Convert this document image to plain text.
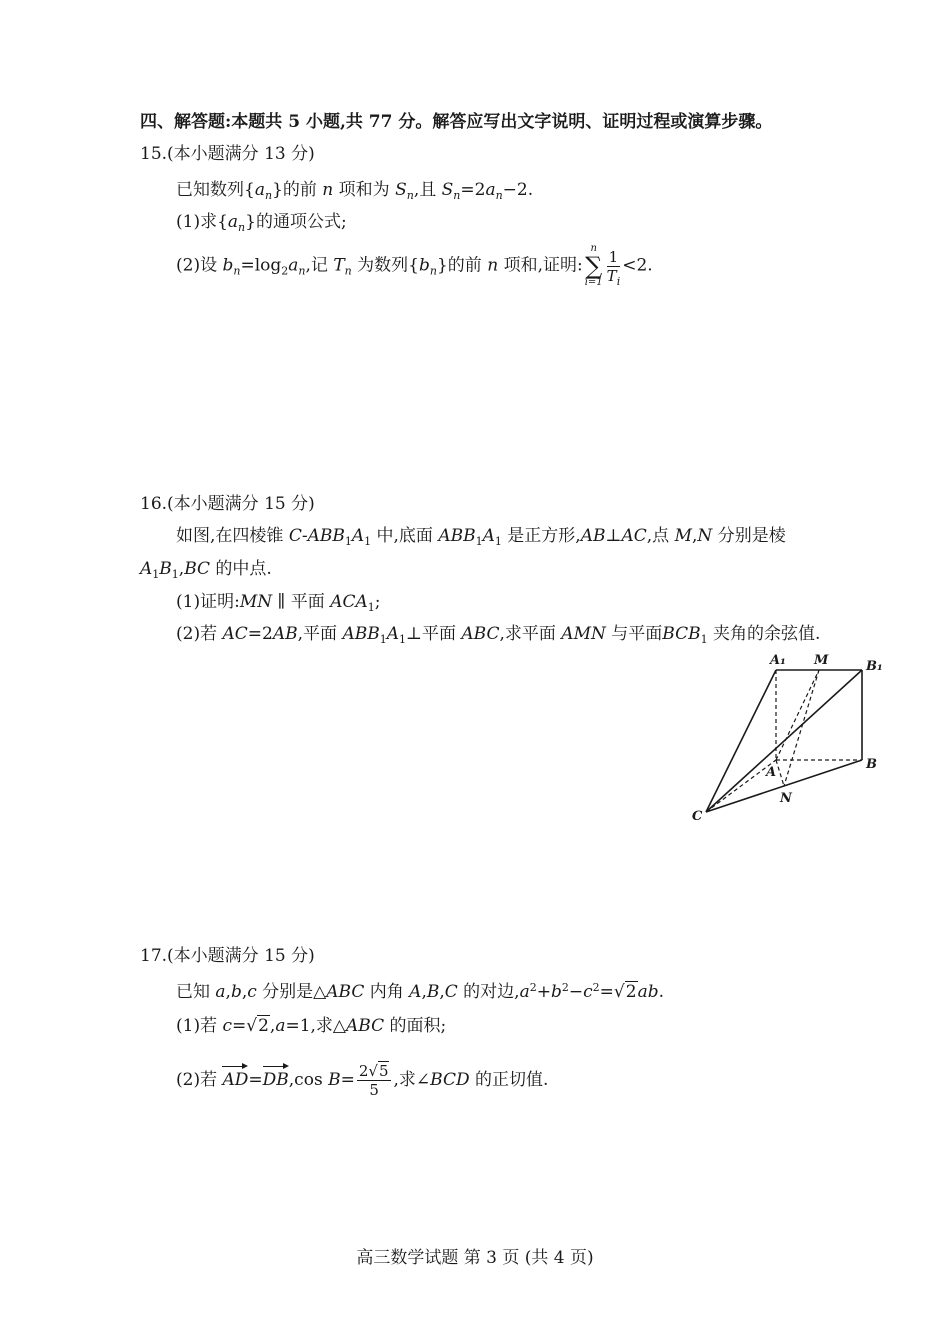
四、解答题:本题共 5 小题,共 77 分。解答应写出文字说明、证明过程或演算步骤。
15.(本小题满分 13 分)
已知数列$\{a_n\}$的前 n 项和为 $S_n$,且 $S_n=2a_n-2$.
(1)求$\{a_n\}$的通项公式;
(2)设 $b_n=\log_2a_n$,记 $T_n$ 为数列$\{b_n\}$的前 n 项和,证明:
n
∑
$i=1 \frac{1}{T_i} <2$.
16.(本小题满分 15 分)
如图,在四棱锥 $C-ABB_1A_1$ 中,底面 $ABB_1A_1$ 是正方形,AB⊥AC,点 M,N 分别是棱
$A_1B_1,BC$ 的中点.
(1)证明:MN ∥ 平面 $ACA_1$;
(2)若 AC=2AB,平面 $ABB_1A_1\perp$平面 ABC,求平面 AMN 与平面$BCB_1$ 夹角的余弦值.
A₁ M	B₁
A
B
N
C
17.(本小题满分 15 分)
已知 a,b,c 分别是△ABC 内角 A,B,C 的对边$,a^2+b^2-c^2=√2ab$.
(1)若 c=√2,a=1,求△ABC 的面积;
(2)若 AD=DB,cos $B= \frac{2√5}{5}$ ,求∠BCD 的正切值.
高三数学试题 第 3 页 (共 4 页)
